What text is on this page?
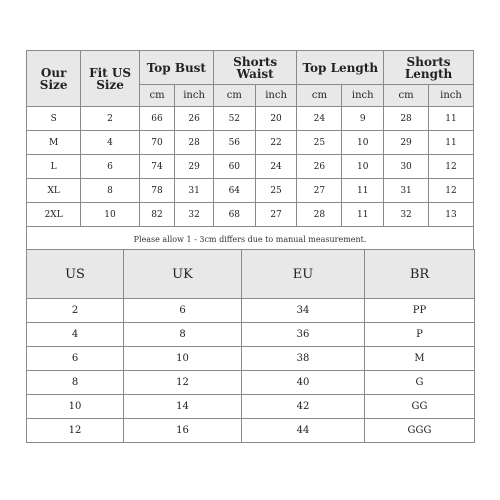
Our Size	Fit US Size	Top Bust		Shorts Waist		Top Length		Shorts Length	
		cm	inch	cm	inch	cm	inch	cm	inch
S	2	66	26	52	20	24	9	28	11
M	4	70	28	56	22	25	10	29	11
L	6	74	29	60	24	26	10	30	12
XL	8	78	31	64	25	27	11	31	12
2XL	10	82	32	68	27	28	11	32	13
Please allow 1 - 3cm differs due to manual measurement.									
US	UK	EU	BR
2	6	34	PP
4	8	36	P
6	10	38	M
8	12	40	G
10	14	42	GG
12	16	44	GGG
